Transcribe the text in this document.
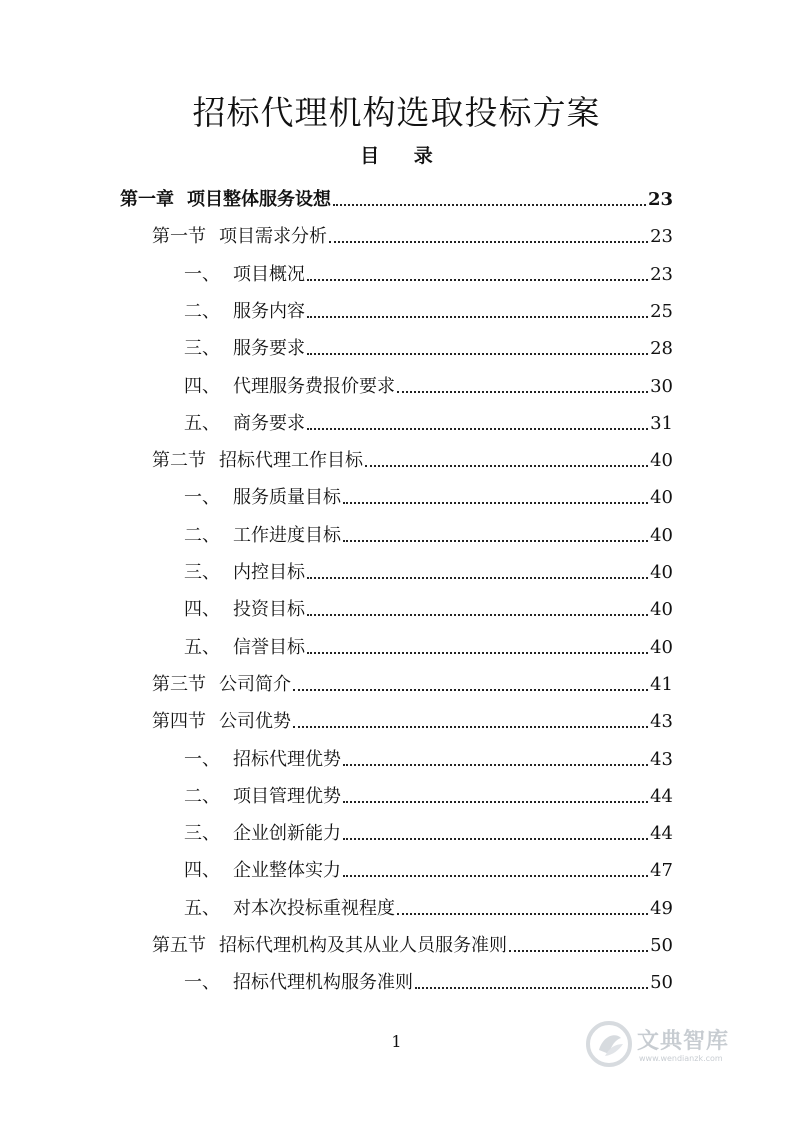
招标代理机构选取投标方案
目 录
第一章 项目整体服务设想	23
第一节 项目需求分析	23
一、 项目概况	23
二、 服务内容	25
三、 服务要求	28
四、 代理服务费报价要求	30
五、 商务要求	31
第二节 招标代理工作目标	40
一、 服务质量目标	40
二、 工作进度目标	40
三、 内控目标	40
四、 投资目标	40
五、 信誉目标	40
第三节 公司简介	41
第四节 公司优势	43
一、 招标代理优势	43
二、 项目管理优势	44
三、 企业创新能力	44
四、 企业整体实力	47
五、 对本次投标重视程度	49
第五节 招标代理机构及其从业人员服务准则	50
一、 招标代理机构服务准则	50
1	文典智库
www.wendianzk.com
